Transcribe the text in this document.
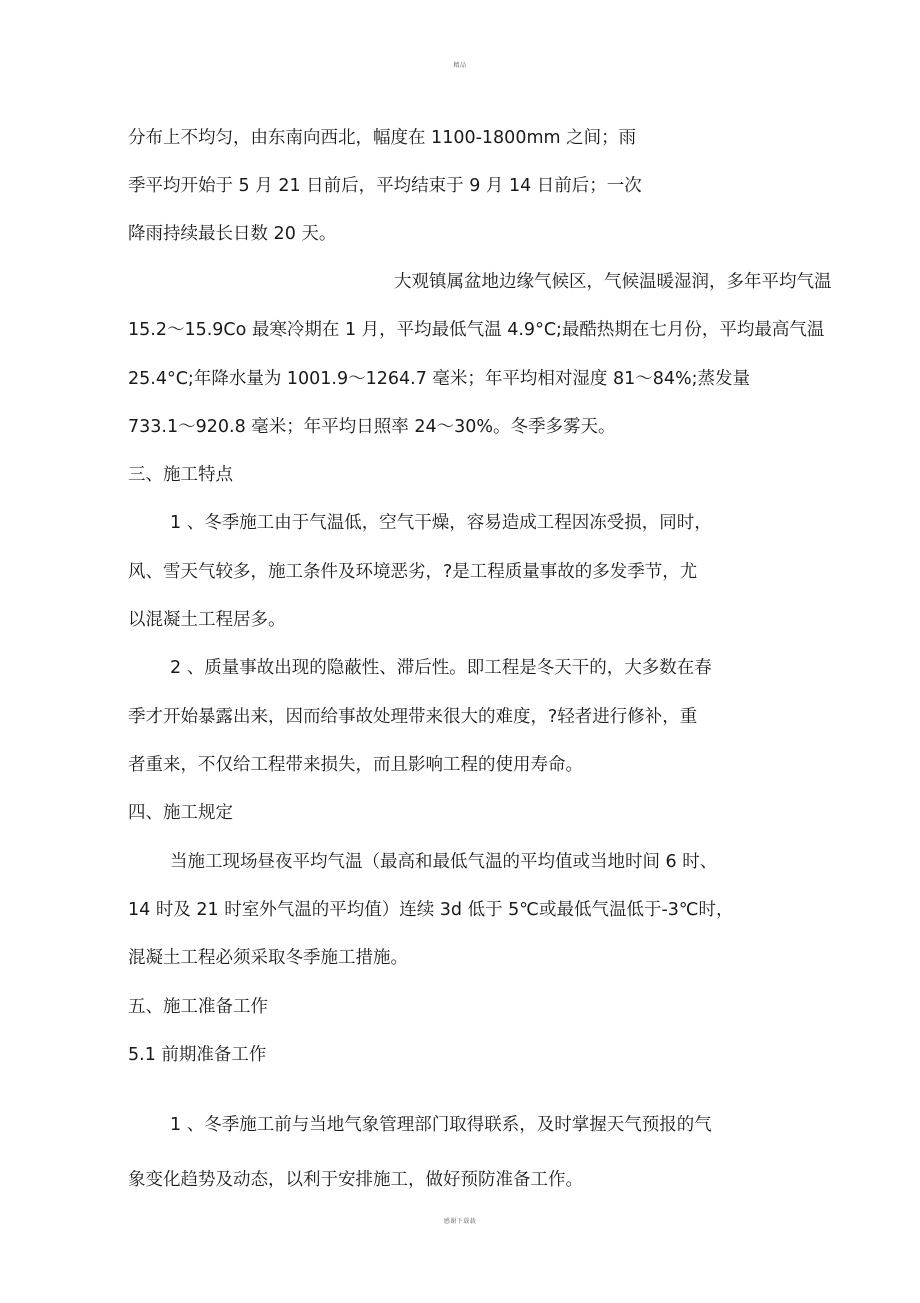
精品
分布上不均匀，由东南向西北，幅度在 1100-1800mm 之间；雨
季平均开始于 5 月 21 日前后，平均结束于 9 月 14 日前后；一次
降雨持续最长日数 20 天。
大观镇属盆地边缘气候区，气候温暖湿润，多年平均气温
15.2〜15.9Co 最寒冷期在 1 月，平均最低气温 4.9°C;最酷热期在七月份，平均最高气温
25.4°C;年降水量为 1001.9〜1264.7 毫米；年平均相对湿度 81〜84%;蒸发量
733.1〜920.8 毫米；年平均日照率 24〜30%。冬季多雾天。
三、施工特点
1 、冬季施工由于气温低，空气干燥，容易造成工程因冻受损，同时，
风、雪天气较多，施工条件及环境恶劣，?是工程质量事故的多发季节，尤
以混凝土工程居多。
2 、质量事故出现的隐蔽性、滞后性。即工程是冬天干的，大多数在春
季才开始暴露出来，因而给事故处理带来很大的难度，?轻者进行修补，重
者重来，不仅给工程带来损失，而且影响工程的使用寿命。
四、施工规定
当施工现场昼夜平均气温（最高和最低气温的平均值或当地时间 6 时、
14 时及 21 时室外气温的平均值）连续 3d 低于 5℃或最低气温低于-3℃时，
混凝土工程必须采取冬季施工措施。
五、施工准备工作
5.1 前期准备工作
1 、冬季施工前与当地气象管理部门取得联系，及时掌握天气预报的气
象变化趋势及动态，以利于安排施工，做好预防准备工作。
感谢下载载
